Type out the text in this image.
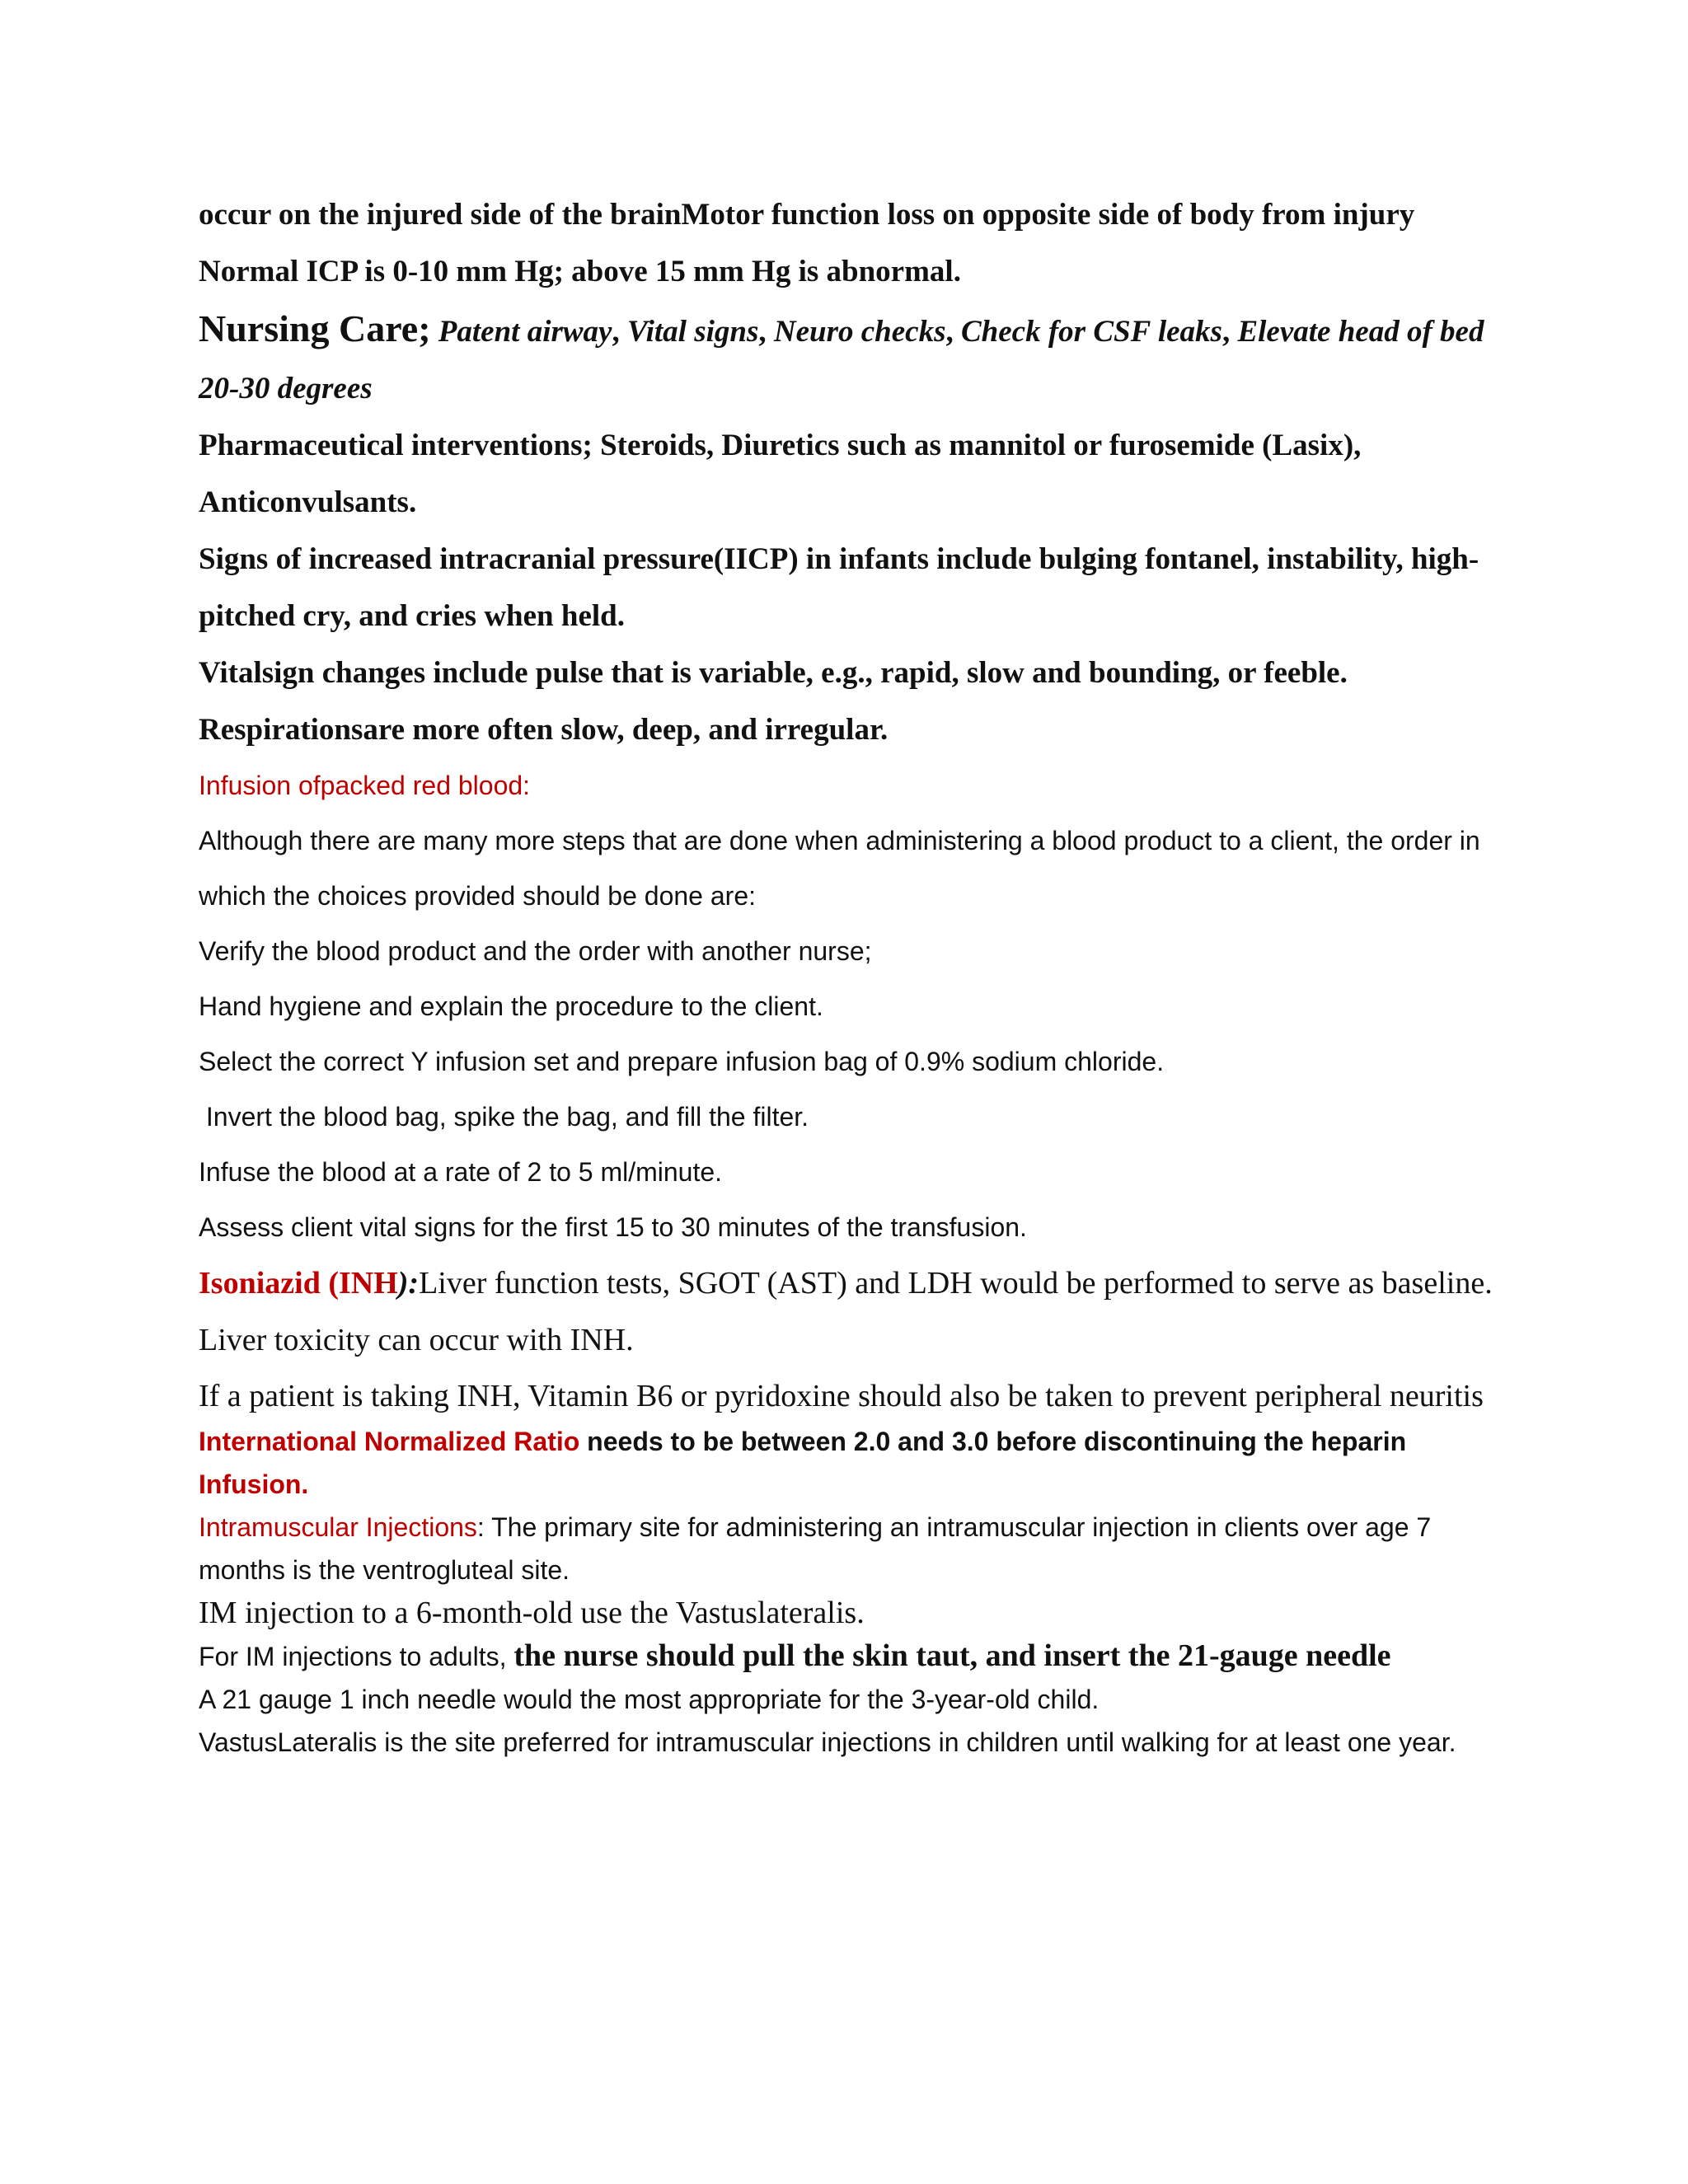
occur on the injured side of the brainMotor function loss on opposite side of body from injury

Normal ICP is 0-10 mm Hg; above 15 mm Hg is abnormal.

Nursing Care; Patent airway, Vital signs, Neuro checks, Check for CSF leaks, Elevate head of bed 20-30 degrees

Pharmaceutical interventions; Steroids, Diuretics such as mannitol or furosemide (Lasix), Anticonvulsants.

Signs of increased intracranial pressure(IICP) in infants include bulging fontanel, instability, high-pitched cry, and cries when held.

Vitalsign changes include pulse that is variable, e.g., rapid, slow and bounding, or feeble. Respirationsare more often slow, deep, and irregular.

Infusion ofpacked red blood:

Although there are many more steps that are done when administering a blood product to a client, the order in which the choices provided should be done are:

Verify the blood product and the order with another nurse;

Hand hygiene and explain the procedure to the client.

Select the correct Y infusion set and prepare infusion bag of 0.9% sodium chloride.

Invert the blood bag, spike the bag, and fill the filter.

Infuse the blood at a rate of 2 to 5 ml/minute.

Assess client vital signs for the first 15 to 30 minutes of the transfusion.

Isoniazid (INH):Liver function tests, SGOT (AST) and LDH would be performed to serve as baseline.

Liver toxicity can occur with INH.

If a patient is taking INH, Vitamin B6 or pyridoxine should also be taken to prevent peripheral neuritis

International Normalized Ratio needs to be between 2.0 and 3.0 before discontinuing the heparin
Infusion.

Intramuscular Injections: The primary site for administering an intramuscular injection in clients over age 7 months is the ventrogluteal site.

IM injection to a 6-month-old use the Vastuslateralis.

For IM injections to adults, the nurse should pull the skin taut, and insert the 21-gauge needle

A 21 gauge 1 inch needle would the most appropriate for the 3-year-old child.

VastusLateralis is the site preferred for intramuscular injections in children until walking for at least one year.
